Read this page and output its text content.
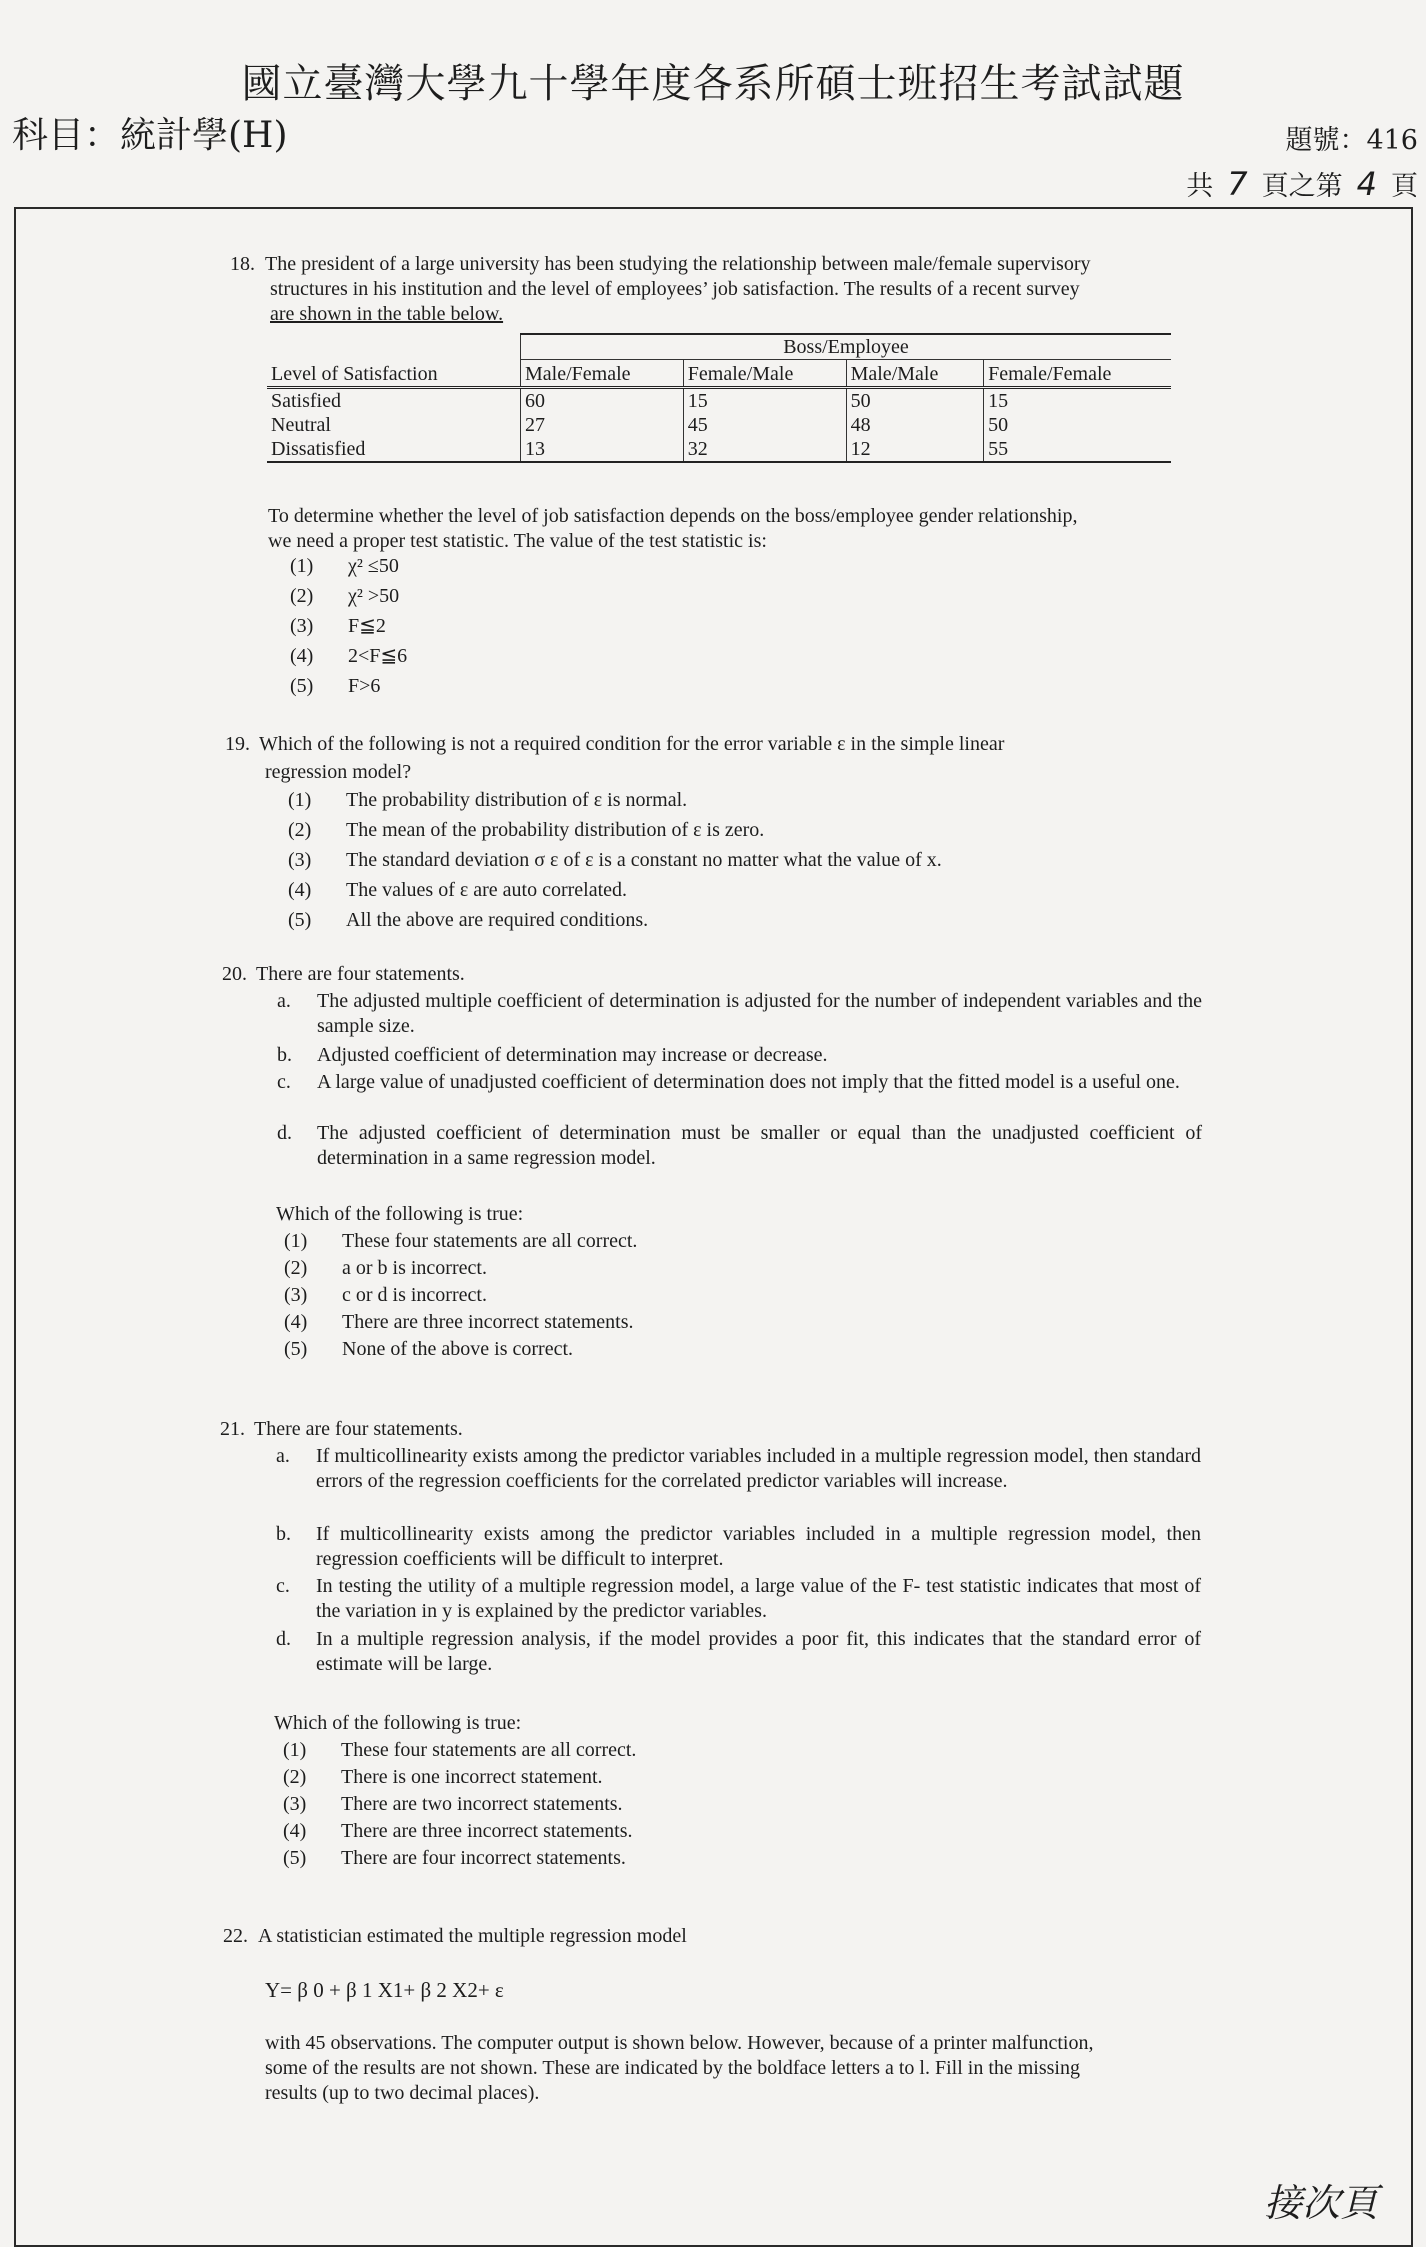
國立臺灣大學九十學年度各系所碩士班招生考試試題
科目：統計學(H)	題號：416
共 7 頁之第 4 頁
18. The president of a large university has been studying the relationship between male/female supervisory
structures in his institution and the level of employees’ job satisfaction. The results of a recent survey
are shown in the table below.
	Boss/Employee			
Level of Satisfaction	Male/Female	Female/Male	Male/Male	Female/Female
Satisfied	60	15	50	15
Neutral	27	45	48	50
Dissatisfied	13	32	12	55
To determine whether the level of job satisfaction depends on the boss/employee gender relationship,
we need a proper test statistic. The value of the test statistic is:
(1) χ² ≤50
(2) χ² >50
(3) F≦2
(4) 2<F≦6
(5) F>6
19. Which of the following is not a required condition for the error variable ε in the simple linear
regression model?
(1) The probability distribution of ε is normal.
(2) The mean of the probability distribution of ε is zero.
(3) The standard deviation σ ε of ε is a constant no matter what the value of x.
(4) The values of ε are auto correlated.
(5) All the above are required conditions.
20. There are four statements.
a. The adjusted multiple coefficient of determination is adjusted for the number of independent variables and the sample size.
b. Adjusted coefficient of determination may increase or decrease.
c. A large value of unadjusted coefficient of determination does not imply that the fitted model is a useful one.
d. The adjusted coefficient of determination must be smaller or equal than the unadjusted coefficient of determination in a same regression model.
Which of the following is true:
(1) These four statements are all correct.
(2) a or b is incorrect.
(3) c or d is incorrect.
(4) There are three incorrect statements.
(5) None of the above is correct.
21. There are four statements.
a. If multicollinearity exists among the predictor variables included in a multiple regression model, then standard errors of the regression coefficients for the correlated predictor variables will increase.
b. If multicollinearity exists among the predictor variables included in a multiple regression model, then regression coefficients will be difficult to interpret.
c. In testing the utility of a multiple regression model, a large value of the F- test statistic indicates that most of the variation in y is explained by the predictor variables.
d. In a multiple regression analysis, if the model provides a poor fit, this indicates that the standard error of estimate will be large.
Which of the following is true:
(1) These four statements are all correct.
(2) There is one incorrect statement.
(3) There are two incorrect statements.
(4) There are three incorrect statements.
(5) There are four incorrect statements.
22. A statistician estimated the multiple regression model
Y= β 0 + β 1 X1+ β 2 X2+ ε
with 45 observations. The computer output is shown below. However, because of a printer malfunction,
some of the results are not shown. These are indicated by the boldface letters a to l. Fill in the missing
results (up to two decimal places).
接次頁
